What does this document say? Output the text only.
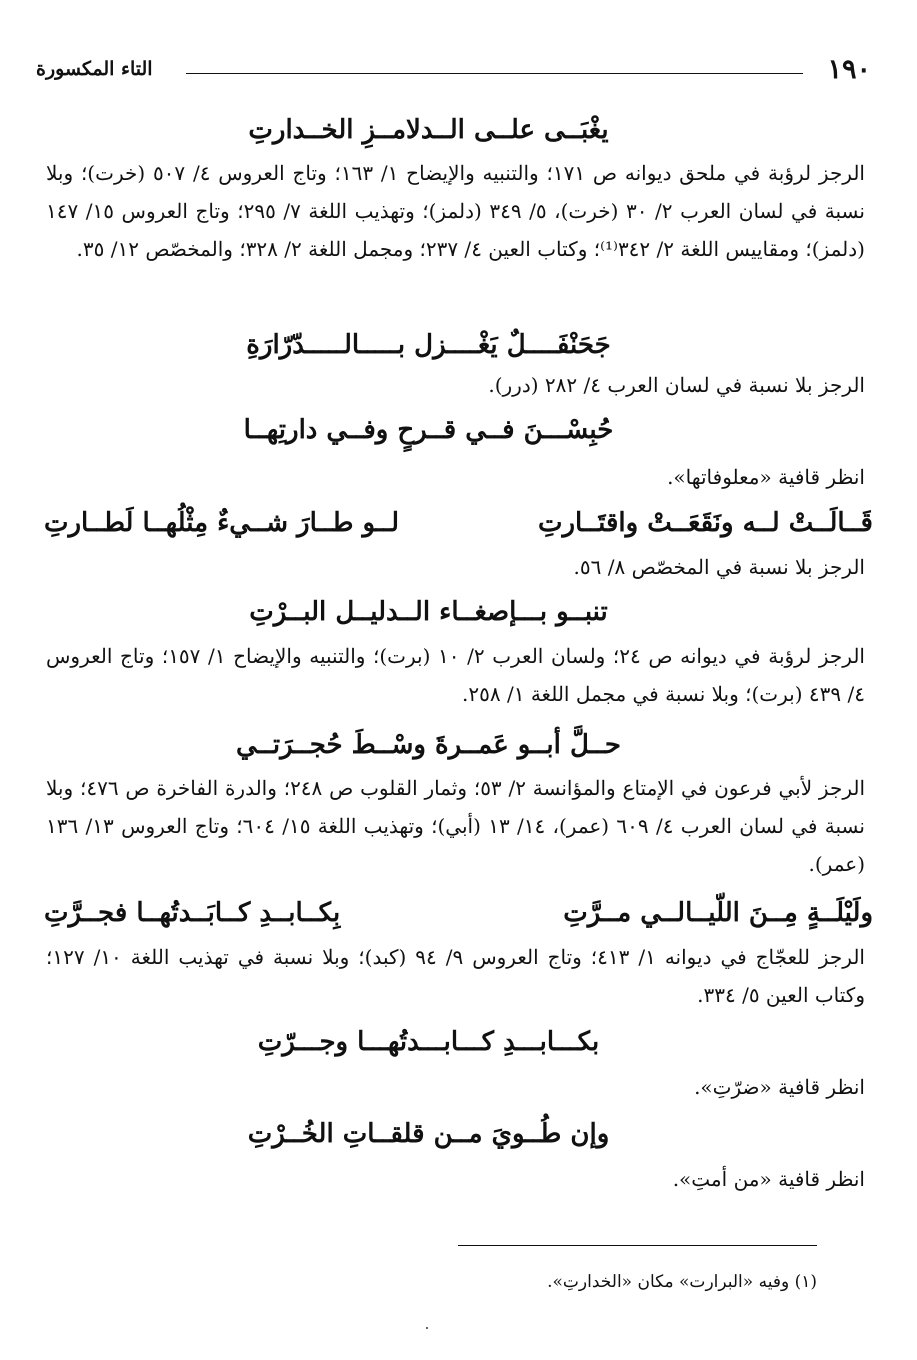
١٩٠
التاء المكسورة
يغْبَــى علــى الــدلامــزِ الخــدارتِ
الرجز لرؤبة في ملحق ديوانه ص ١٧١؛ والتنبيه والإيضاح ١/ ١٦٣؛ وتاج العروس ٤/ ٥٠٧ (خرت)؛ وبلا نسبة في لسان العرب ٢/ ٣٠ (خرت)، ٥/ ٣٤٩ (دلمز)؛ وتهذيب اللغة ٧/ ٢٩٥؛ وتاج العروس ١٥/ ١٤٧ (دلمز)؛ ومقاييس اللغة ٢/ ٣٤٢⁽¹⁾؛ وكتاب العين ٤/ ٢٣٧؛ ومجمل اللغة ٢/ ٣٢٨؛ والمخصّص ١٢/ ٣٥.
جَحَنْفَــــلٌ يَغْــــزل بـــــالـــــدّرّارَةِ
الرجز بلا نسبة في لسان العرب ٤/ ٢٨٢ (درر).
حُبِسْـــنَ فــي قــرحٍ وفــي دارتِهــا
انظر قافية «معلوفاتها».
قَــالَــتْ لــه ونَقَعَــتْ واقتَــارتِ
لــو طــارَ شــيءٌ مِثْلُهــا لَطــارتِ
الرجز بلا نسبة في المخصّص ٨/ ٥٦.
تنبــو بـــإصغــاء الــدليــل البــرْتِ
الرجز لرؤبة في ديوانه ص ٢٤؛ ولسان العرب ٢/ ١٠ (برت)؛ والتنبيه والإيضاح ١/ ١٥٧؛ وتاج العروس ٤/ ٤٣٩ (برت)؛ وبلا نسبة في مجمل اللغة ١/ ٢٥٨.
حــلَّ أبــو عَمــرةَ وسْــطَ حُجــرَتــي
الرجز لأبي فرعون في الإمتاع والمؤانسة ٢/ ٥٣؛ وثمار القلوب ص ٢٤٨؛ والدرة الفاخرة ص ٤٧٦؛ وبلا نسبة في لسان العرب ٤/ ٦٠٩ (عمر)، ١٤/ ١٣ (أبي)؛ وتهذيب اللغة ١٥/ ٦٠٤؛ وتاج العروس ١٣/ ١٣٦ (عمر).
ولَيْلَــةٍ مِــنَ اللّيــالــي مــرَّتِ
بِكــابــدِ كــابَــدتُهــا فجــرَّتِ
الرجز للعجّاج في ديوانه ١/ ٤١٣؛ وتاج العروس ٩/ ٩٤ (كبد)؛ وبلا نسبة في تهذيب اللغة ١٠/ ١٢٧؛ وكتاب العين ٥/ ٣٣٤.
بكـــابـــدِ كـــابـــدتُهـــا وجـــرّتِ
انظر قافية «ضرّتِ».
وإن طُــويَ مــن قلقــاتِ الخُــرْتِ
انظر قافية «من أمتِ».
(١) وفيه «البرارت» مكان «الخدارتِ».
